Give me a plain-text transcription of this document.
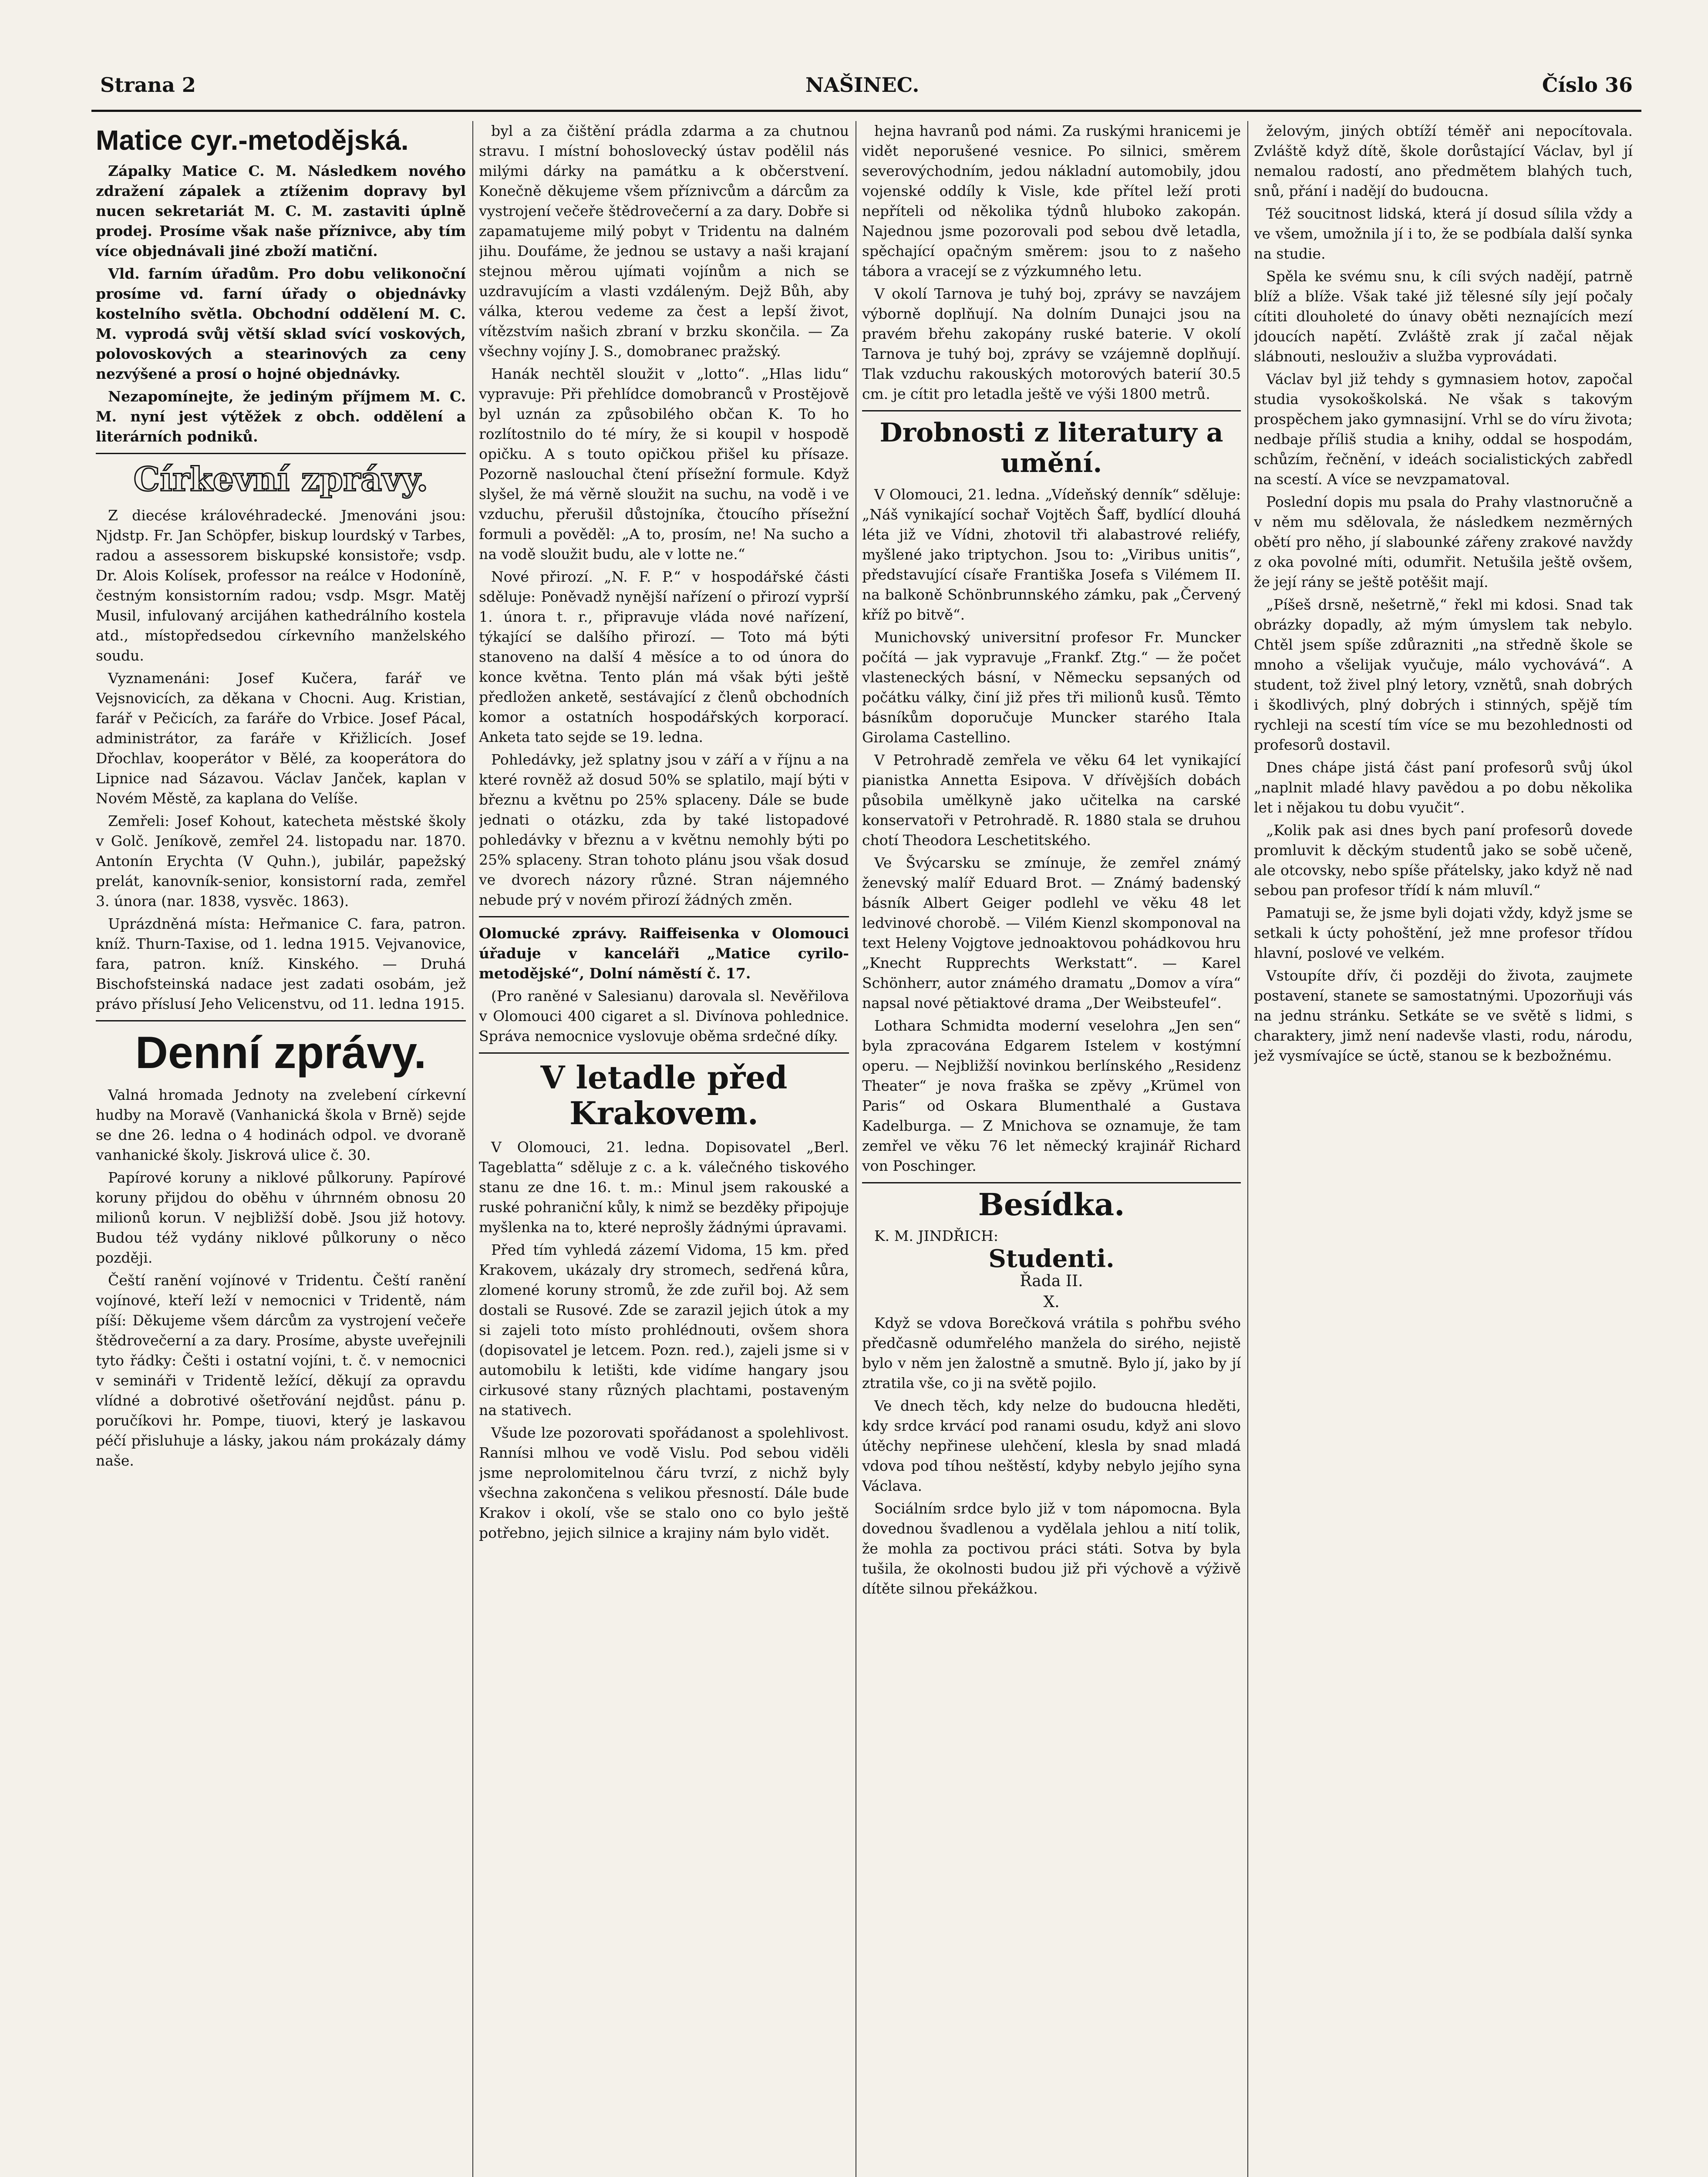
Strana 2	NAŠINEC.	Číslo 36
Matice cyr.-metodějská.

Zápalky Matice C. M. Následkem nového zdražení zápalek a ztíženim dopravy byl nucen sekretariát M. C. M. zastaviti úplně prodej. Prosíme však naše příznivce, aby tím více objednávali jiné zboží matiční.

Vld. farním úřadům. Pro dobu velikonoční prosíme vd. farní úřady o objednávky kostelního světla. Obchodní oddělení M. C. M. vyprodá svůj větší sklad svící voskových, polovoskových a stearinových za ceny nezvýšené a prosí o hojné objednávky.

Nezapomínejte, že jediným příjmem M. C. M. nyní jest výtěžek z obch. oddělení a literárních podniků.

Církevní zprávy.

Z diecése královéhradecké. Jmenováni jsou: Njdstp. Fr. Jan Schöpfer, biskup lourdský v Tarbes, radou a assessorem biskupské konsistoře; vsdp. Dr. Alois Kolísek, professor na reálce v Hodoníně, čestným konsistorním radou; vsdp. Msgr. Matěj Musil, infulovaný arcijáhen kathedrálního kostela atd., místopředsedou církevního manželského soudu.

Vyznamenáni: Josef Kučera, farář ve Vejsnovicích, za děkana v Chocni. Aug. Kristian, farář v Pečicích, za faráře do Vrbice. Josef Pácal, administrátor, za faráře v Křižlicích. Josef Dřochlav, kooperátor v Bělé, za kooperátora do Lipnice nad Sázavou. Václav Janček, kaplan v Novém Městě, za kaplana do Velíše.

Zemřeli: Josef Kohout, katecheta městské školy v Golč. Jeníkově, zemřel 24. listopadu nar. 1870. Antonín Erychta (V Quhn.), jubilár, papežský prelát, kanovník-senior, konsistorní rada, zemřel 3. února (nar. 1838, vysvěc. 1863).

Uprázdněná místa: Heřmanice C. fara, patron. kníž. Thurn-Taxise, od 1. ledna 1915. Vejvanovice, fara, patron. kníž. Kinského. — Druhá Bischofsteinská nadace jest zadati osobám, jež právo příslusí Jeho Velicenstvu, od 11. ledna 1915.

Denní zprávy.

Valná hromada Jednoty na zvelebení církevní hudby na Moravě (Vanhanická škola v Brně) sejde se dne 26. ledna o 4 hodinách odpol. ve dvoraně vanhanické školy. Jiskrová ulice č. 30.

Papírové koruny a niklové půlkoruny. Papírové koruny přijdou do oběhu v úhrnném obnosu 20 milionů korun. V nejbližší době. Jsou již hotovy. Budou též vydány niklové půlkoruny o něco později.

Čeští ranění vojínové v Tridentu. Čeští ranění vojínové, kteří leží v nemocnici v Tridentě, nám píší: Děkujeme všem dárcům za vystrojení večeře štědrovečerní a za dary. Prosíme, abyste uveřejnili tyto řádky: Češti i ostatní vojíni, t. č. v nemocnici v semináři v Tridentě ležící, děkují za opravdu vlídné a dobrotivé ošetřování nejdůst. pánu p. poručíkovi hr. Pompe, tiuovi, který je laskavou péčí přisluhuje a lásky, jakou nám prokázaly dámy naše.

byl a za čištění prádla zdarma a za chutnou stravu. I místní bohoslovecký ústav podělil nás milými dárky na památku a k občerstvení. Konečně děkujeme všem příznivcům a dárcům za vystrojení večeře štědrovečerní a za dary. Dobře si zapamatujeme milý pobyt v Tridentu na dalném jihu. Doufáme, že jednou se ustavy a naši krajaní stejnou měrou ujímati vojínům a nich se uzdravujícím a vlasti vzdáleným. Dejž Bůh, aby válka, kterou vedeme za čest a lepší život, vítězstvím našich zbraní v brzku skončila. — Za všechny vojíny J. S., domobranec pražský.

Hanák nechtěl sloužit v „lotto“. „Hlas lidu“ vypravuje: Při přehlídce domobranců v Prostějově byl uznán za způsobilého občan K. To ho rozlítostnilo do té míry, že si koupil v hospodě opičku. A s touto opičkou přišel ku přísaze. Pozorně naslouchal čtení přísežní formule. Když slyšel, že má věrně sloužit na suchu, na vodě i ve vzduchu, přerušil důstojníka, čtoucího přísežní formuli a pověděl: „A to, prosím, ne! Na sucho a na vodě sloužit budu, ale v lotte ne.“

Nové přirozí. „N. F. P.“ v hospodářské části sděluje: Poněvadž nynější nařízení o přirozí vyprší 1. února t. r., připravuje vláda nové nařízení, týkající se dalšího přirozí. — Toto má býti stanoveno na další 4 měsíce a to od února do konce května. Tento plán má však býti ještě předložen anketě, sestávající z členů obchodních komor a ostatních hospodářských korporací. Anketa tato sejde se 19. ledna.

Pohledávky, jež splatny jsou v září a v říjnu a na které rovněž až dosud 50% se splatilo, mají býti v březnu a květnu po 25% splaceny. Dále se bude jednati o otázku, zda by také listopadové pohledávky v březnu a v květnu nemohly býti po 25% splaceny. Stran tohoto plánu jsou však dosud ve dvorech názory různé. Stran nájemného nebude prý v novém přirozí žádných změn.

Olomucké zprávy. Raiffeisenka v Olomouci úřaduje v kanceláři „Matice cyrilo-metodějské“, Dolní náměstí č. 17.

(Pro raněné v Salesianu) darovala sl. Nevěřilova v Olomouci 400 cigaret a sl. Divínova pohlednice. Správa nemocnice vyslovuje oběma srdečné díky.

V letadle před Krakovem.

V Olomouci, 21. ledna. Dopisovatel „Berl. Tageblatta“ sděluje z c. a k. válečného tiskového stanu ze dne 16. t. m.: Minul jsem rakouské a ruské pohraniční kůly, k nimž se bezděky připojuje myšlenka na to, které neprošly žádnými úpravami.

Před tím vyhledá zázemí Vidoma, 15 km. před Krakovem, ukázaly dry stromech, sedřená kůra, zlomené koruny stromů, že zde zuřil boj. Až sem dostali se Rusové. Zde se zarazil jejich útok a my si zajeli toto místo prohlédnouti, ovšem shora (dopisovatel je letcem. Pozn. red.), zajeli jsme si v automobilu k letišti, kde vidíme hangary jsou cirkusové stany různých plachtami, postaveným na stativech.

Všude lze pozorovati spořádanost a spolehlivost. Rannísi mlhou ve vodě Vislu. Pod sebou viděli jsme neprolomitelnou čáru tvrzí, z nichž byly všechna zakončena s velikou přesností. Dále bude Krakov i okolí, vše se stalo ono co bylo ještě potřebno, jejich silnice a krajiny nám bylo vidět.

hejna havranů pod námi. Za ruskými hranicemi je vidět neporušené vesnice. Po silnici, směrem severovýchodním, jedou nákladní automobily, jdou vojenské oddíly k Visle, kde přítel leží proti nepříteli od několika týdnů hluboko zakopán. Najednou jsme pozorovali pod sebou dvě letadla, spěchající opačným směrem: jsou to z našeho tábora a vracejí se z výzkumného letu.

V okolí Tarnova je tuhý boj, zprávy se navzájem výborně doplňují. Na dolním Dunajci jsou na pravém břehu zakopány ruské baterie. V okolí Tarnova je tuhý boj, zprávy se vzájemně doplňují. Tlak vzduchu rakouských motorových baterií 30.5 cm. je cítit pro letadla ještě ve výši 1800 metrů.

Drobnosti z literatury a umění.

V Olomouci, 21. ledna. „Vídeňský denník“ sděluje: „Náš vynikající sochař Vojtěch Šaff, bydlící dlouhá léta již ve Vídni, zhotovil tři alabastrové reliéfy, myšlené jako triptychon. Jsou to: „Viribus unitis“, představující císaře Františka Josefa s Vilémem II. na balkoně Schönbrunnského zámku, pak „Červený kříž po bitvě“.

Munichovský universitní profesor Fr. Muncker počítá — jak vypravuje „Frankf. Ztg.“ — že počet vlasteneckých básní, v Německu sepsaných od počátku války, činí již přes tři milionů kusů. Těmto básníkům doporučuje Muncker starého Itala Girolama Castellino.

V Petrohradě zemřela ve věku 64 let vynikající pianistka Annetta Esipova. V dřívějších dobách působila umělkyně jako učitelka na carské konservatoři v Petrohradě. R. 1880 stala se druhou chotí Theodora Leschetitského.

Ve Švýcarsku se zmínuje, že zemřel známý ženevský malíř Eduard Brot. — Známý badenský básník Albert Geiger podlehl ve věku 48 let ledvinové chorobě. — Vilém Kienzl skomponoval na text Heleny Vojgtove jednoaktovou pohádkovou hru „Knecht Rupprechts Werkstatt“. — Karel Schönherr, autor známého dramatu „Domov a víra“ napsal nové pětiaktové drama „Der Weibsteufel“.

Lothara Schmidta moderní veselohra „Jen sen“ byla zpracována Edgarem Istelem v kostýmní operu. — Nejbližší novinkou berlínského „Residenz Theater“ je nova fraška se zpěvy „Krümel von Paris“ od Oskara Blumenthalé a Gustava Kadelburga. — Z Mnichova se oznamuje, že tam zemřel ve věku 76 let německý krajinář Richard von Poschinger.

Besídka.

K. M. JINDŘICH:

Studenti.
Řada II.
X.

Když se vdova Borečková vrátila s pohřbu svého předčasně odumřelého manžela do sirého, nejistě bylo v něm jen žalostně a smutně. Bylo jí, jako by jí ztratila vše, co ji na světě pojilo.

Ve dnech těch, kdy nelze do budoucna hleděti, kdy srdce krvácí pod ranami osudu, když ani slovo útěchy nepřinese ulehčení, klesla by snad mladá vdova pod tíhou neštěstí, kdyby nebylo jejího syna Václava.

Sociálním srdce bylo již v tom nápomocna. Byla dovednou švadlenou a vydělala jehlou a nití tolik, že mohla za poctivou práci státi. Sotva by byla tušila, že okolnosti budou již při výchově a výživě dítěte silnou překážkou.

želovým, jiných obtíží téměř ani nepocítovala. Zvláště když dítě, škole dorůstající Václav, byl jí nemalou radostí, ano předmětem blahých tuch, snů, přání i nadějí do budoucna.

Též soucitnost lidská, která jí dosud sílila vždy a ve všem, umožnila jí i to, že se podbíala další synka na studie.

Spěla ke svému snu, k cíli svých nadějí, patrně blíž a blíže. Však také již tělesné síly její počaly cítiti dlouholeté do únavy oběti neznajících mezí jdoucích napětí. Zvláště zrak jí začal nějak slábnouti, neslouživ a služba vyprovádati.

Václav byl již tehdy s gymnasiem hotov, započal studia vysokoškolská. Ne však s takovým prospěchem jako gymnasijní. Vrhl se do víru života; nedbaje příliš studia a knihy, oddal se hospodám, schůzím, řečnění, v ideách socialistických zabředl na scestí. A více se nevzpamatoval.

Poslední dopis mu psala do Prahy vlastnoručně a v něm mu sdělovala, že následkem nezměrných obětí pro něho, jí slabounké zářeny zrakové navždy z oka povolné míti, odumřit. Netušila ještě ovšem, že její rány se ještě potěšit mají.

„Píšeš drsně, nešetrně,“ řekl mi kdosi. Snad tak obrázky dopadly, až mým úmyslem tak nebylo. Chtěl jsem spíše zdůrazniti „na středně škole se mnoho a všelijak vyučuje, málo vychovává“. A student, tož živel plný letory, vznětů, snah dobrých i škodlivých, plný dobrých i stinných, spějě tím rychleji na scestí tím více se mu bezohlednosti od profesorů dostavil.

Dnes chápe jistá část paní profesorů svůj úkol „naplnit mladé hlavy pavědou a po dobu několika let i nějakou tu dobu vyučit“.

„Kolik pak asi dnes bych paní profesorů dovede promluvit k děckým studentů jako se sobě učeně, ale otcovsky, nebo spíše přátelsky, jako když ně nad sebou pan profesor třídí k nám mluvíl.“

Pamatuji se, že jsme byli dojati vždy, když jsme se setkali k úcty pohoštění, jež mne profesor třídou hlavní, poslové ve velkém.

Vstoupíte dřív, či později do života, zaujmete postavení, stanete se samostatnými. Upozorňuji vás na jednu stránku. Setkáte se ve světě s lidmi, s charaktery, jimž není nadevše vlasti, rodu, národu, jež vysmívajíce se úctě, stanou se k bezbožnému.
